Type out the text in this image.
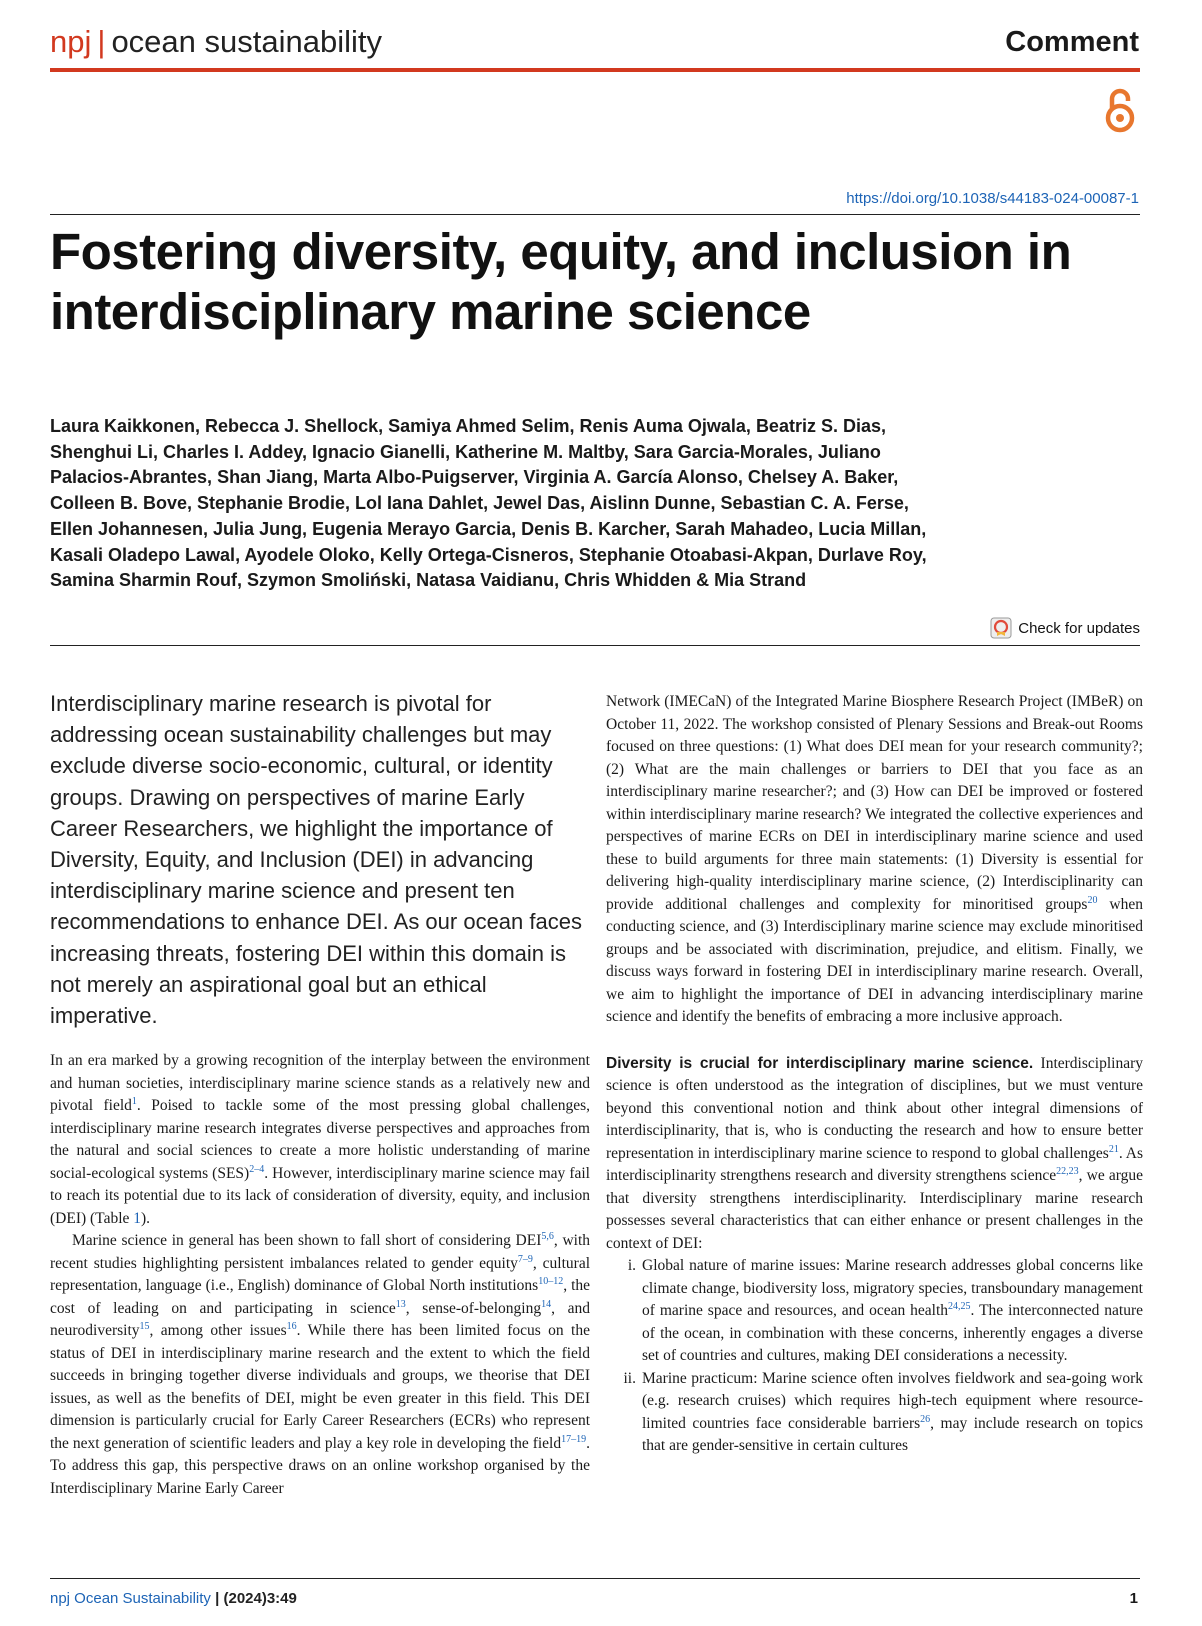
npj | ocean sustainability	Comment
https://doi.org/10.1038/s44183-024-00087-1
Fostering diversity, equity, and inclusion in interdisciplinary marine science
Laura Kaikkonen, Rebecca J. Shellock, Samiya Ahmed Selim, Renis Auma Ojwala, Beatriz S. Dias, Shenghui Li, Charles I. Addey, Ignacio Gianelli, Katherine M. Maltby, Sara Garcia-Morales, Juliano Palacios-Abrantes, Shan Jiang, Marta Albo-Puigserver, Virginia A. García Alonso, Chelsey A. Baker, Colleen B. Bove, Stephanie Brodie, Lol Iana Dahlet, Jewel Das, Aislinn Dunne, Sebastian C. A. Ferse, Ellen Johannesen, Julia Jung, Eugenia Merayo Garcia, Denis B. Karcher, Sarah Mahadeo, Lucia Millan, Kasali Oladepo Lawal, Ayodele Oloko, Kelly Ortega-Cisneros, Stephanie Otoabasi-Akpan, Durlave Roy, Samina Sharmin Rouf, Szymon Smoliński, Natasa Vaidianu, Chris Whidden & Mia Strand
Check for updates

Interdisciplinary marine research is pivotal for addressing ocean sustainability challenges but may exclude diverse socio-economic, cultural, or identity groups. Drawing on perspectives of marine Early Career Researchers, we highlight the importance of Diversity, Equity, and Inclusion (DEI) in advancing interdisciplinary marine science and present ten recommendations to enhance DEI. As our ocean faces increasing threats, fostering DEI within this domain is not merely an aspirational goal but an ethical imperative.

In an era marked by a growing recognition of the interplay between the environment and human societies, interdisciplinary marine science stands as a relatively new and pivotal field$^1$. Poised to tackle some of the most pressing global challenges, interdisciplinary marine research integrates diverse perspectives and approaches from the natural and social sciences to create a more holistic understanding of marine social-ecological systems (SES)$^{2-4}$. However, interdisciplinary marine science may fail to reach its potential due to its lack of consideration of diversity, equity, and inclusion (DEI) (Table 1).

Marine science in general has been shown to fall short of considering DEI$^{5,6}$, with recent studies highlighting persistent imbalances related to gender equity$^{7-9}$, cultural representation, language (i.e., English) dominance of Global North institutions$^{10-12}$, the cost of leading on and participating in science$^{13}$, sense-of-belonging$^{14}$, and neurodiversity$^{15}$, among other issues$^{16}$. While there has been limited focus on the status of DEI in interdisciplinary marine research and the extent to which the field succeeds in bringing together diverse individuals and groups, we theorise that DEI issues, as well as the benefits of DEI, might be even greater in this field. This DEI dimension is particularly crucial for Early Career Researchers (ECRs) who represent the next generation of scientific leaders and play a key role in developing the field$^{17-19}$. To address this gap, this perspective draws on an online workshop organised by the Interdisciplinary Marine Early Career

Network (IMECaN) of the Integrated Marine Biosphere Research Project (IMBeR) on October 11, 2022. The workshop consisted of Plenary Sessions and Break-out Rooms focused on three questions: (1) What does DEI mean for your research community?; (2) What are the main challenges or barriers to DEI that you face as an interdisciplinary marine researcher?; and (3) How can DEI be improved or fostered within interdisciplinary marine research? We integrated the collective experiences and perspectives of marine ECRs on DEI in interdisciplinary marine science and used these to build arguments for three main statements: (1) Diversity is essential for delivering high-quality interdisciplinary marine science, (2) Interdisciplinarity can provide additional challenges and complexity for minoritised groups$^{20}$ when conducting science, and (3) Interdisciplinary marine science may exclude minoritised groups and be associated with discrimination, prejudice, and elitism. Finally, we discuss ways forward in fostering DEI in interdisciplinary marine research. Overall, we aim to highlight the importance of DEI in advancing interdisciplinary marine science and identify the benefits of embracing a more inclusive approach.

Diversity is crucial for interdisciplinary marine science. Interdisciplinary science is often understood as the integration of disciplines, but we must venture beyond this conventional notion and think about other integral dimensions of interdisciplinarity, that is, who is conducting the research and how to ensure better representation in interdisciplinary marine science to respond to global challenges$^{21}$. As interdisciplinarity strengthens research and diversity strengthens science$^{22,23}$, we argue that diversity strengthens interdisciplinarity. Interdisciplinary marine research possesses several characteristics that can either enhance or present challenges in the context of DEI:

i. Global nature of marine issues: Marine research addresses global concerns like climate change, biodiversity loss, migratory species, transboundary management of marine space and resources, and ocean health$^{24,25}$. The interconnected nature of the ocean, in combination with these concerns, inherently engages a diverse set of countries and cultures, making DEI considerations a necessity.
ii. Marine practicum: Marine science often involves fieldwork and sea-going work (e.g. research cruises) which requires high-tech equipment where resource-limited countries face considerable barriers$^{26}$, may include research on topics that are gender-sensitive in certain cultures
npj Ocean Sustainability | (2024)3:49	1
